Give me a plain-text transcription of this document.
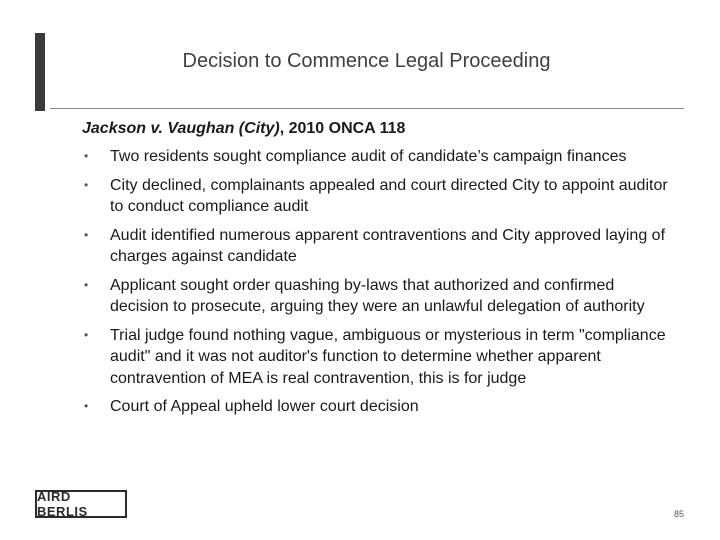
Decision to Commence Legal Proceeding
Jackson v. Vaughan (City), 2010 ONCA 118
• Two residents sought compliance audit of candidate’s campaign finances
• City declined, complainants appealed and court directed City to appoint auditor to conduct compliance audit
• Audit identified numerous apparent contraventions and City approved laying of charges against candidate
• Applicant sought order quashing by-laws that authorized and confirmed decision to prosecute, arguing they were an unlawful delegation of authority
• Trial judge found nothing vague, ambiguous or mysterious in term "compliance audit" and it was not auditor's function to determine whether apparent contravention of MEA is real contravention, this is for judge
• Court of Appeal upheld lower court decision
AIRD BERLIS	85
